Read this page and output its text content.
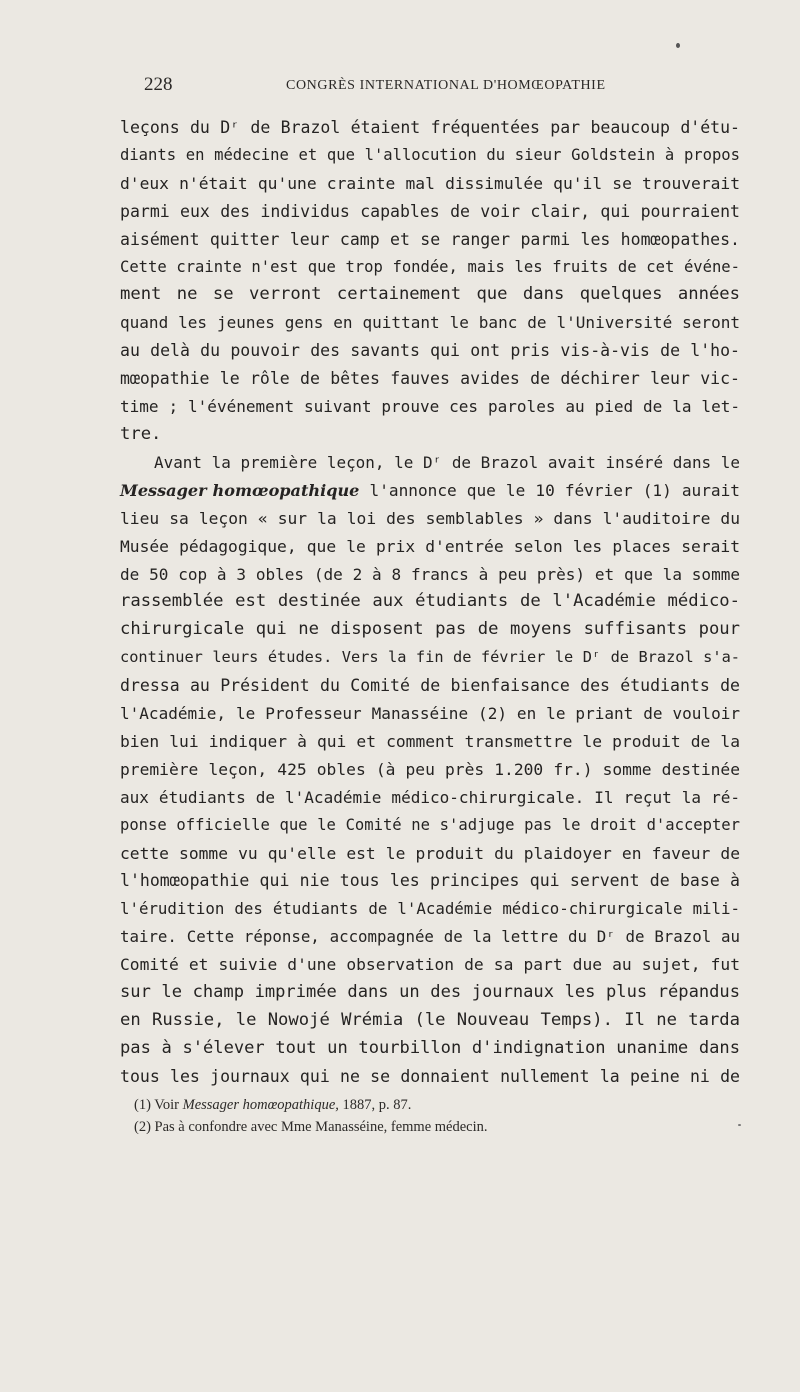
228	CONGRÈS INTERNATIONAL D'HOMŒOPATHIE

leçons du Dʳ de Brazol étaient fréquentées par beaucoup d'étu-
diants en médecine et que l'allocution du sieur Goldstein à propos
d'eux n'était qu'une crainte mal dissimulée qu'il se trouverait
parmi eux des individus capables de voir clair, qui pourraient
aisément quitter leur camp et se ranger parmi les homœopathes.
Cette crainte n'est que trop fondée, mais les fruits de cet événe-
ment ne se verront certainement que dans quelques années
quand les jeunes gens en quittant le banc de l'Université seront
au delà du pouvoir des savants qui ont pris vis-à-vis de l'ho-
mœopathie le rôle de bêtes fauves avides de déchirer leur vic-
time ; l'événement suivant prouve ces paroles au pied de la let-
tre.

Avant la première leçon, le Dʳ de Brazol avait inséré dans le
Messager homœopathique l'annonce que le 10 février (1) aurait
lieu sa leçon « sur la loi des semblables » dans l'auditoire du
Musée pédagogique, que le prix d'entrée selon les places serait
de 50 cop à 3 obles (de 2 à 8 francs à peu près) et que la somme
rassemblée est destinée aux étudiants de l'Académie médico-
chirurgicale qui ne disposent pas de moyens suffisants pour
continuer leurs études. Vers la fin de février le Dʳ de Brazol s'a-
dressa au Président du Comité de bienfaisance des étudiants de
l'Académie, le Professeur Manasséine (2) en le priant de vouloir
bien lui indiquer à qui et comment transmettre le produit de la
première leçon, 425 obles (à peu près 1.200 fr.) somme destinée
aux étudiants de l'Académie médico-chirurgicale. Il reçut la ré-
ponse officielle que le Comité ne s'adjuge pas le droit d'accepter
cette somme vu qu'elle est le produit du plaidoyer en faveur de
l'homœopathie qui nie tous les principes qui servent de base à
l'érudition des étudiants de l'Académie médico-chirurgicale mili-
taire. Cette réponse, accompagnée de la lettre du Dʳ de Brazol au
Comité et suivie d'une observation de sa part due au sujet, fut
sur le champ imprimée dans un des journaux les plus répandus
en Russie, le Nowojé Wrémia (le Nouveau Temps). Il ne tarda
pas à s'élever tout un tourbillon d'indignation unanime dans
tous les journaux qui ne se donnaient nullement la peine ni de

(1) Voir Messager homœopathique, 1887, p. 87.
(2) Pas à confondre avec Mme Manasséine, femme médecin.
